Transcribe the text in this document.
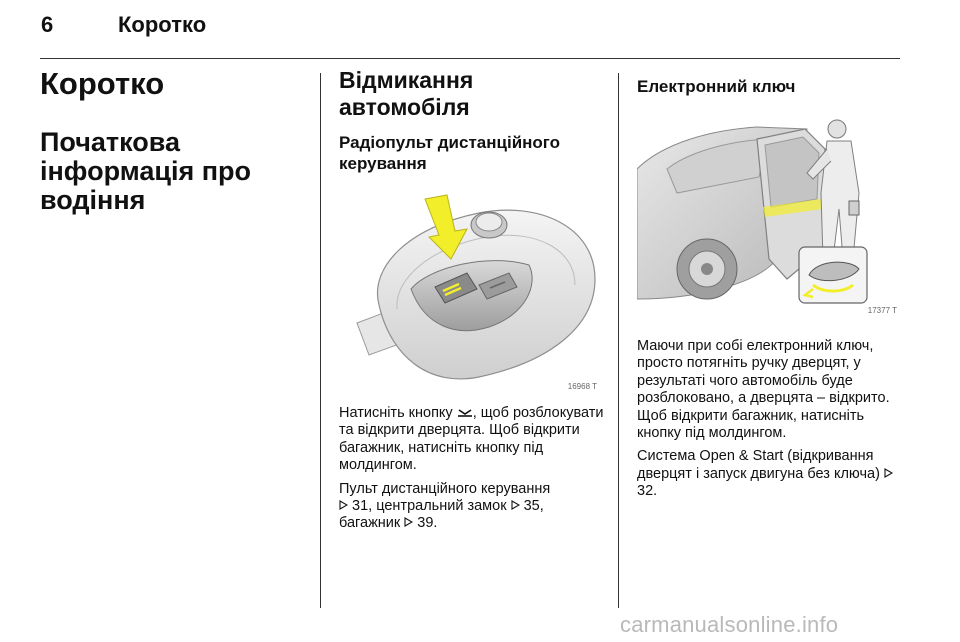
6	Коротко
Коротко
Початкова інформація про водіння
Відмикання автомобіля
Радіопульт дистанційного керування
16968 T

Натисніть кнопку , щоб розблокувати та відкрити дверцята. Щоб відкрити багажник, натисніть кнопку під молдингом.

Пульт дистанційного керування
31, центральний замок  35, багажник  39.

Електронний ключ
17377 T

Маючи при собі електронний ключ, просто потягніть ручку дверцят, у результаті чого автомобіль буде розблоковано, а дверцята – відкрито. Щоб відкрити багажник, натисніть кнопку під молдингом.

Система Open & Start (відкривання дверцят і запуск двигуна без ключа)  32.

carmanualsonline.info
